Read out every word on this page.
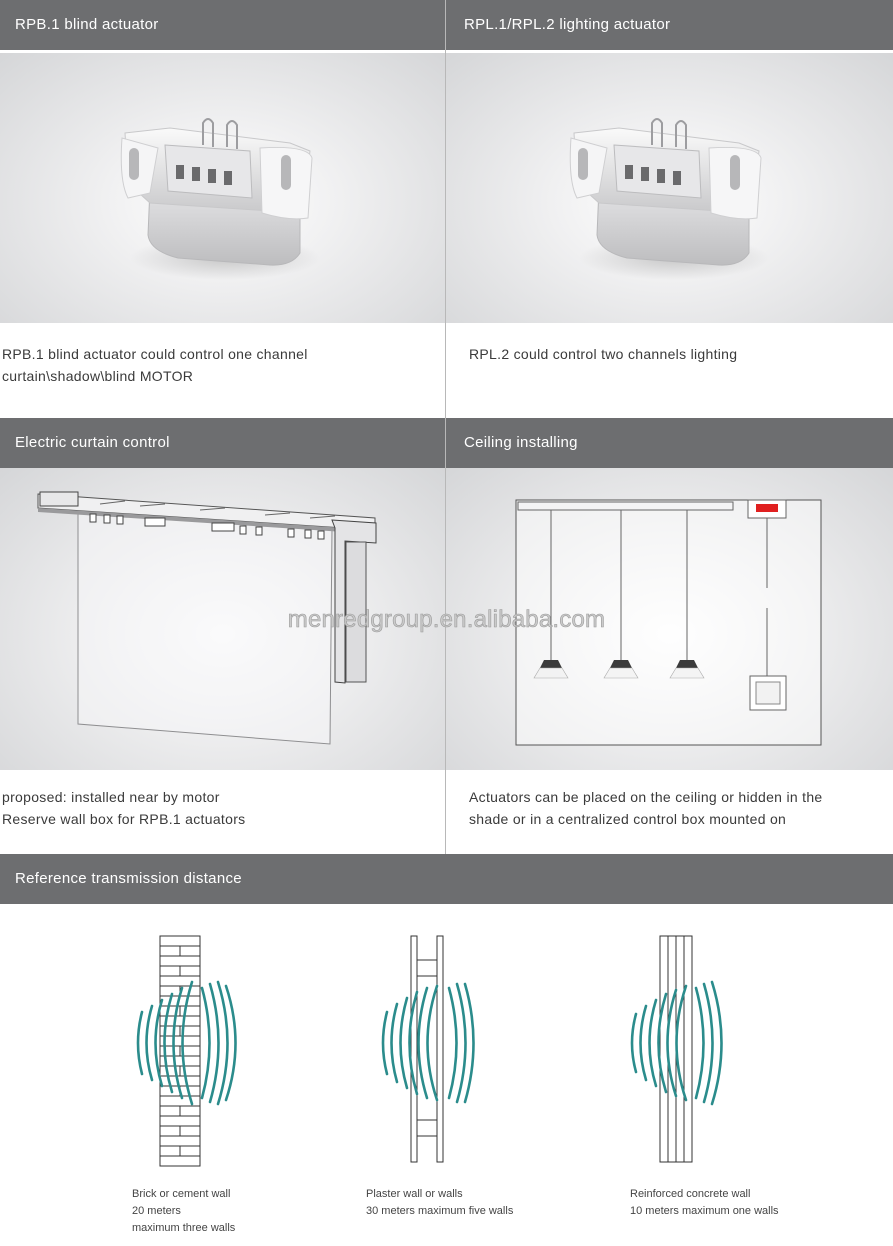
RPB.1 blind actuator	RPL.1/RPL.2 lighting actuator
RPB.1 blind actuator could control one channel
curtain\shadow\blind MOTOR
RPL.2 could control two channels lighting
Electric curtain control	Ceiling installing
menredgroup.en.alibaba.com
proposed: installed near by motor
Reserve wall box for RPB.1 actuators
Actuators can be placed on the ceiling or hidden in the
shade or in a centralized control box mounted on
Reference transmission distance
Brick or cement wall
20 meters
maximum three walls
Plaster wall or walls
30 meters maximum five walls
Reinforced concrete wall
10 meters maximum one walls
